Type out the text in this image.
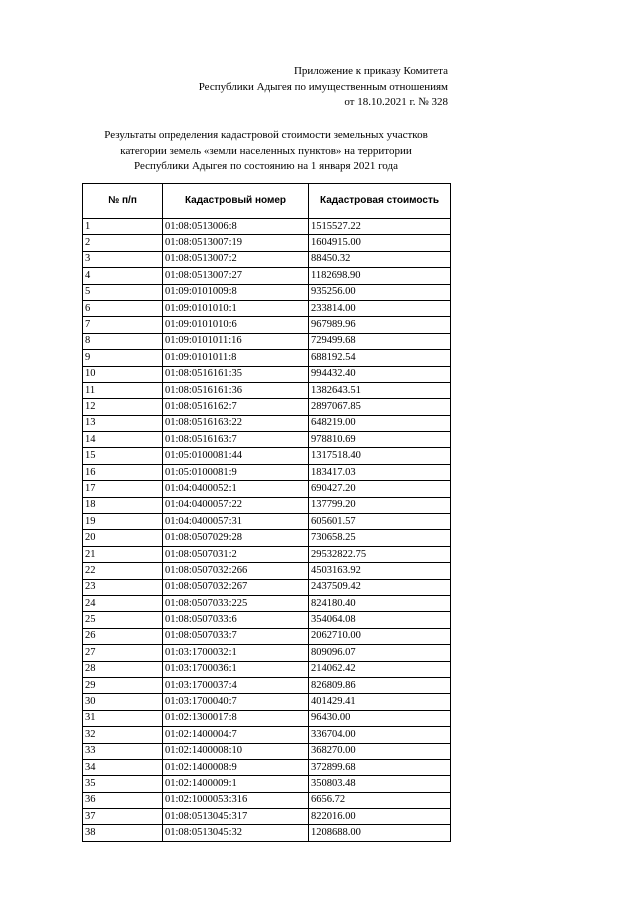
Приложение к приказу Комитета
Республики Адыгея по имущественным отношениям
от 18.10.2021 г. № 328
Результаты определения кадастровой стоимости земельных участков
категории земель «земли населенных пунктов» на территории
Республики Адыгея по состоянию на 1 января 2021 года
№ п/п	Кадастровый номер	Кадастровая стоимость
1	01:08:0513006:8	1515527.22
2	01:08:0513007:19	1604915.00
3	01:08:0513007:2	88450.32
4	01:08:0513007:27	1182698.90
5	01:09:0101009:8	935256.00
6	01:09:0101010:1	233814.00
7	01:09:0101010:6	967989.96
8	01:09:0101011:16	729499.68
9	01:09:0101011:8	688192.54
10	01:08:0516161:35	994432.40
11	01:08:0516161:36	1382643.51
12	01:08:0516162:7	2897067.85
13	01:08:0516163:22	648219.00
14	01:08:0516163:7	978810.69
15	01:05:0100081:44	1317518.40
16	01:05:0100081:9	183417.03
17	01:04:0400052:1	690427.20
18	01:04:0400057:22	137799.20
19	01:04:0400057:31	605601.57
20	01:08:0507029:28	730658.25
21	01:08:0507031:2	29532822.75
22	01:08:0507032:266	4503163.92
23	01:08:0507032:267	2437509.42
24	01:08:0507033:225	824180.40
25	01:08:0507033:6	354064.08
26	01:08:0507033:7	2062710.00
27	01:03:1700032:1	809096.07
28	01:03:1700036:1	214062.42
29	01:03:1700037:4	826809.86
30	01:03:1700040:7	401429.41
31	01:02:1300017:8	96430.00
32	01:02:1400004:7	336704.00
33	01:02:1400008:10	368270.00
34	01:02:1400008:9	372899.68
35	01:02:1400009:1	350803.48
36	01:02:1000053:316	6656.72
37	01:08:0513045:317	822016.00
38	01:08:0513045:32	1208688.00
